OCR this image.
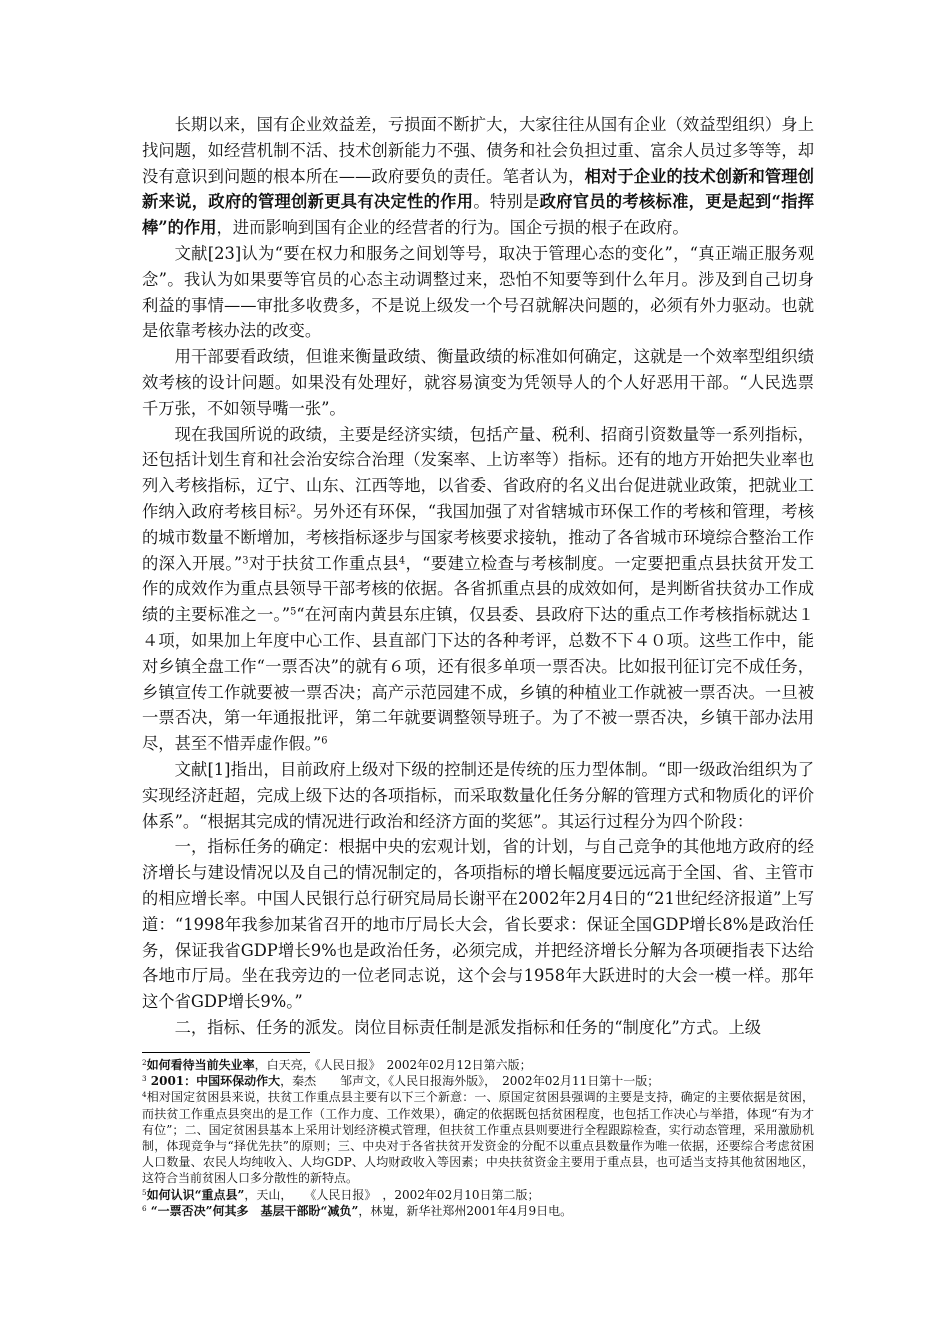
长期以来，国有企业效益差，亏损面不断扩大，大家往往从国有企业（效益型组织）身上找问题，如经营机制不活、技术创新能力不强、债务和社会负担过重、富余人员过多等等，却没有意识到问题的根本所在——政府要负的责任。笔者认为，相对于企业的技术创新和管理创新来说，政府的管理创新更具有决定性的作用。特别是政府官员的考核标准，更是起到“指挥棒”的作用，进而影响到国有企业的经营者的行为。国企亏损的根子在政府。

文献[23]认为“要在权力和服务之间划等号，取决于管理心态的变化”，“真正端正服务观念”。我认为如果要等官员的心态主动调整过来，恐怕不知要等到什么年月。涉及到自己切身利益的事情——审批多收费多，不是说上级发一个号召就解决问题的，必须有外力驱动。也就是依靠考核办法的改变。

用干部要看政绩，但谁来衡量政绩、衡量政绩的标准如何确定，这就是一个效率型组织绩效考核的设计问题。如果没有处理好，就容易演变为凭领导人的个人好恶用干部。“人民选票千万张，不如领导嘴一张”。

现在我国所说的政绩，主要是经济实绩，包括产量、税利、招商引资数量等一系列指标，还包括计划生育和社会治安综合治理（发案率、上访率等）指标。还有的地方开始把失业率也列入考核指标，辽宁、山东、江西等地，以省委、省政府的名义出台促进就业政策，把就业工作纳入政府考核目标$^2$。另外还有环保，“我国加强了对省辖城市环保工作的考核和管理，考核的城市数量不断增加，考核指标逐步与国家考核要求接轨，推动了各省城市环境综合整治工作的深入开展。”$^3$对于扶贫工作重点县$^4$，“要建立检查与考核制度。一定要把重点县扶贫开发工作的成效作为重点县领导干部考核的依据。各省抓重点县的成效如何，是判断省扶贫办工作成绩的主要标准之一。”$^5$“在河南内黄县东庄镇，仅县委、县政府下达的重点工作考核指标就达１４项，如果加上年度中心工作、县直部门下达的各种考评，总数不下４０项。这些工作中，能对乡镇全盘工作“一票否决”的就有６项，还有很多单项一票否决。比如报刊征订完不成任务，乡镇宣传工作就要被一票否决；高产示范园建不成，乡镇的种植业工作就被一票否决。一旦被一票否决，第一年通报批评，第二年就要调整领导班子。为了不被一票否决，乡镇干部办法用尽，甚至不惜弄虚作假。”$^6$

文献[1]指出，目前政府上级对下级的控制还是传统的压力型体制。“即一级政治组织为了实现经济赶超，完成上级下达的各项指标，而采取数量化任务分解的管理方式和物质化的评价体系”。“根据其完成的情况进行政治和经济方面的奖惩”。其运行过程分为四个阶段：

一，指标任务的确定：根据中央的宏观计划，省的计划，与自己竞争的其他地方政府的经济增长与建设情况以及自己的情况制定的，各项指标的增长幅度要远远高于全国、省、主管市的相应增长率。中国人民银行总行研究局局长谢平在2002年2月4日的“21世纪经济报道”上写道：“1998年我参加某省召开的地市厅局长大会，省长要求：保证全国GDP增长8%是政治任务，保证我省GDP增长9%也是政治任务，必须完成，并把经济增长分解为各项硬指表下达给各地市厅局。坐在我旁边的一位老同志说，这个会与1958年大跃进时的大会一模一样。那年这个省GDP增长9%。”

二，指标、任务的派发。岗位目标责任制是派发指标和任务的“制度化”方式。上级

$^2$如何看待当前失业率，白天亮，《人民日报》　2002年02月12日第六版；

$^3$ 2001：中国环保动作大，秦杰　　邹声文，《人民日报海外版》，　2002年02月11日第十一版；

$^4$相对国定贫困县来说，扶贫工作重点县主要有以下三个新意：一、原国定贫困县强调的主要是支持，确定的主要依据是贫困，而扶贫工作重点县突出的是工作（工作力度、工作效果），确定的依据既包括贫困程度，也包括工作决心与举措，体现“有为才有位”；二、国定贫困县基本上采用计划经济模式管理，但扶贫工作重点县则要进行全程跟踪检查，实行动态管理，采用激励机制，体现竞争与“择优先扶”的原则；三、中央对于各省扶贫开发资金的分配不以重点县数量作为唯一依据，还要综合考虑贫困人口数量、农民人均纯收入、人均GDP、人均财政收入等因素；中央扶贫资金主要用于重点县，也可适当支持其他贫困地区，这符合当前贫困人口多分散性的新特点。

$^5$如何认识“重点县”，天山，　　《人民日报》　，2002年02月10日第二版；

$^6$ “一票否决”何其多　基层干部盼“减负”，林嵬，新华社郑州2001年4月9日电。
